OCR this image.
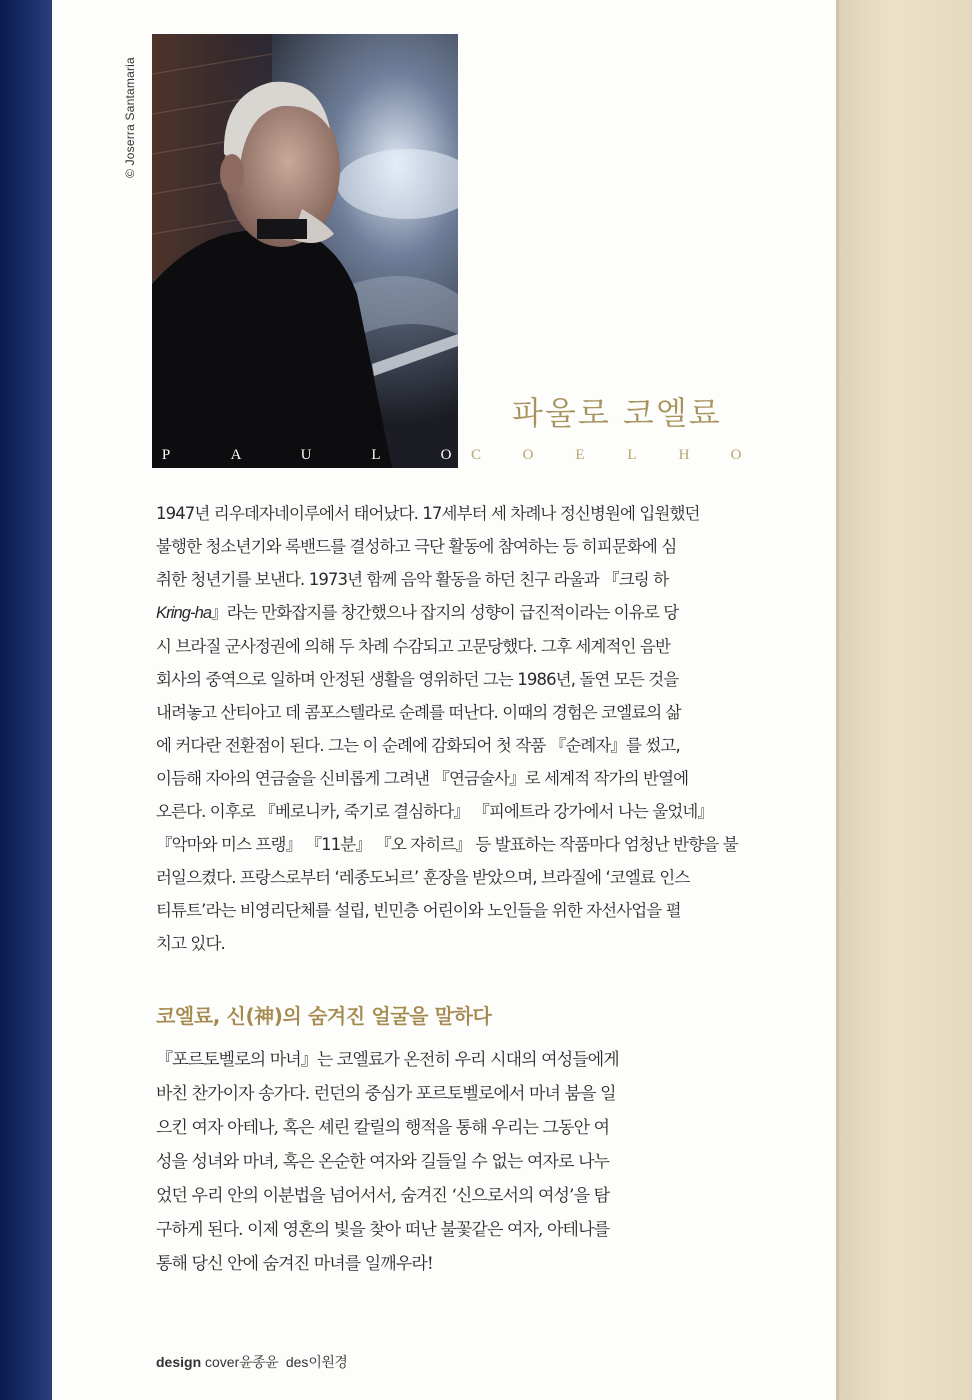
© Joserra Santamaria
파울로 코엘료
P	A	U	L	O	C	O	E	L	H	O
1947년 리우데자네이루에서 태어났다. 17세부터 세 차례나 정신병원에 입원했던
불행한 청소년기와 록밴드를 결성하고 극단 활동에 참여하는 등 히피문화에 심
취한 청년기를 보낸다. 1973년 함께 음악 활동을 하던 친구 라울과 『크링 하
Kring-ha』라는 만화잡지를 창간했으나 잡지의 성향이 급진적이라는 이유로 당
시 브라질 군사정권에 의해 두 차례 수감되고 고문당했다. 그후 세계적인 음반
회사의 중역으로 일하며 안정된 생활을 영위하던 그는 1986년, 돌연 모든 것을
내려놓고 산티아고 데 콤포스텔라로 순례를 떠난다. 이때의 경험은 코엘료의 삶
에 커다란 전환점이 된다. 그는 이 순례에 감화되어 첫 작품 『순례자』를 썼고,
이듬해 자아의 연금술을 신비롭게 그려낸 『연금술사』로 세계적 작가의 반열에
오른다. 이후로 『베로니카, 죽기로 결심하다』 『피에트라 강가에서 나는 울었네』
『악마와 미스 프랭』 『11분』 『오 자히르』 등 발표하는 작품마다 엄청난 반향을 불
러일으켰다. 프랑스로부터 ‘레종도뇌르’ 훈장을 받았으며, 브라질에 ‘코엘료 인스
티튜트’라는 비영리단체를 설립, 빈민층 어린이와 노인들을 위한 자선사업을 펼
치고 있다.
코엘료, 신(神)의 숨겨진 얼굴을 말하다
『포르토벨로의 마녀』는 코엘료가 온전히 우리 시대의 여성들에게
바친 찬가이자 송가다. 런던의 중심가 포르토벨로에서 마녀 붐을 일
으킨 여자 아테나, 혹은 셰린 칼릴의 행적을 통해 우리는 그동안 여
성을 성녀와 마녀, 혹은 온순한 여자와 길들일 수 없는 여자로 나누
었던 우리 안의 이분법을 넘어서서, 숨겨진 ‘신으로서의 여성’을 탐
구하게 된다. 이제 영혼의 빛을 찾아 떠난 불꽃같은 여자, 아테나를
통해 당신 안에 숨겨진 마녀를 일깨우라!
design cover윤종윤 des이원경
